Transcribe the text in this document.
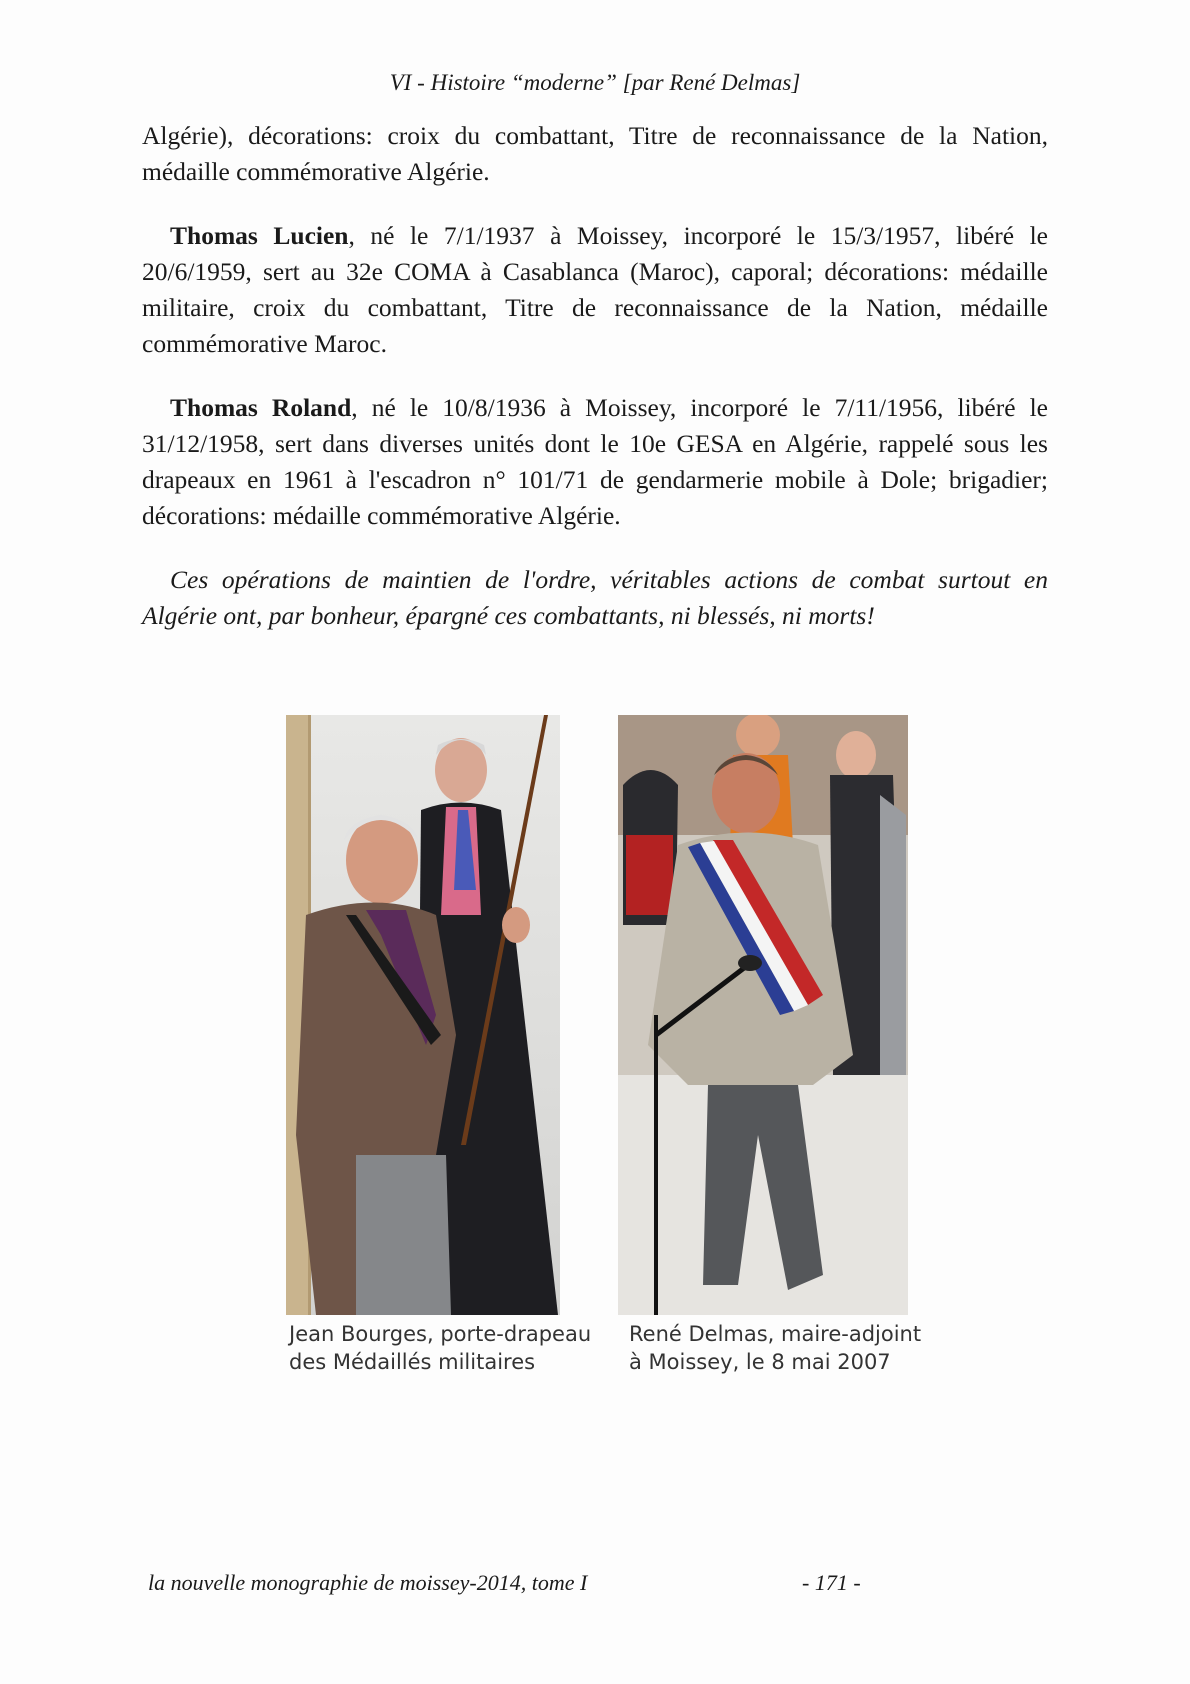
VI - Histoire “moderne” [par René Delmas]

Algérie), décorations: croix du combattant, Titre de reconnaissance de la Nation, médaille commémorative Algérie.

Thomas Lucien, né le 7/1/1937 à Moissey, incorporé le 15/3/1957, libéré le 20/6/1959, sert au 32e COMA à Casablanca (Maroc), caporal; décorations: médaille militaire, croix du combattant, Titre de reconnaissance de la Nation, médaille commémorative Maroc.

Thomas Roland, né le 10/8/1936 à Moissey, incorporé le 7/11/1956, libéré le 31/12/1958, sert dans diverses unités dont le 10e GESA en Algérie, rappelé sous les drapeaux en 1961 à l'escadron n° 101/71 de gendarmerie mobile à Dole; brigadier; décorations: médaille commémorative Algérie.

Ces opérations de maintien de l'ordre, véritables actions de combat surtout en Algérie ont, par bonheur, épargné ces combattants, ni blessés, ni morts!

Jean Bourges, porte-drapeau
des Médaillés militaires
René Delmas, maire-adjoint
à Moissey, le 8 mai 2007
la nouvelle monographie de moissey-2014, tome I	- 171 -
